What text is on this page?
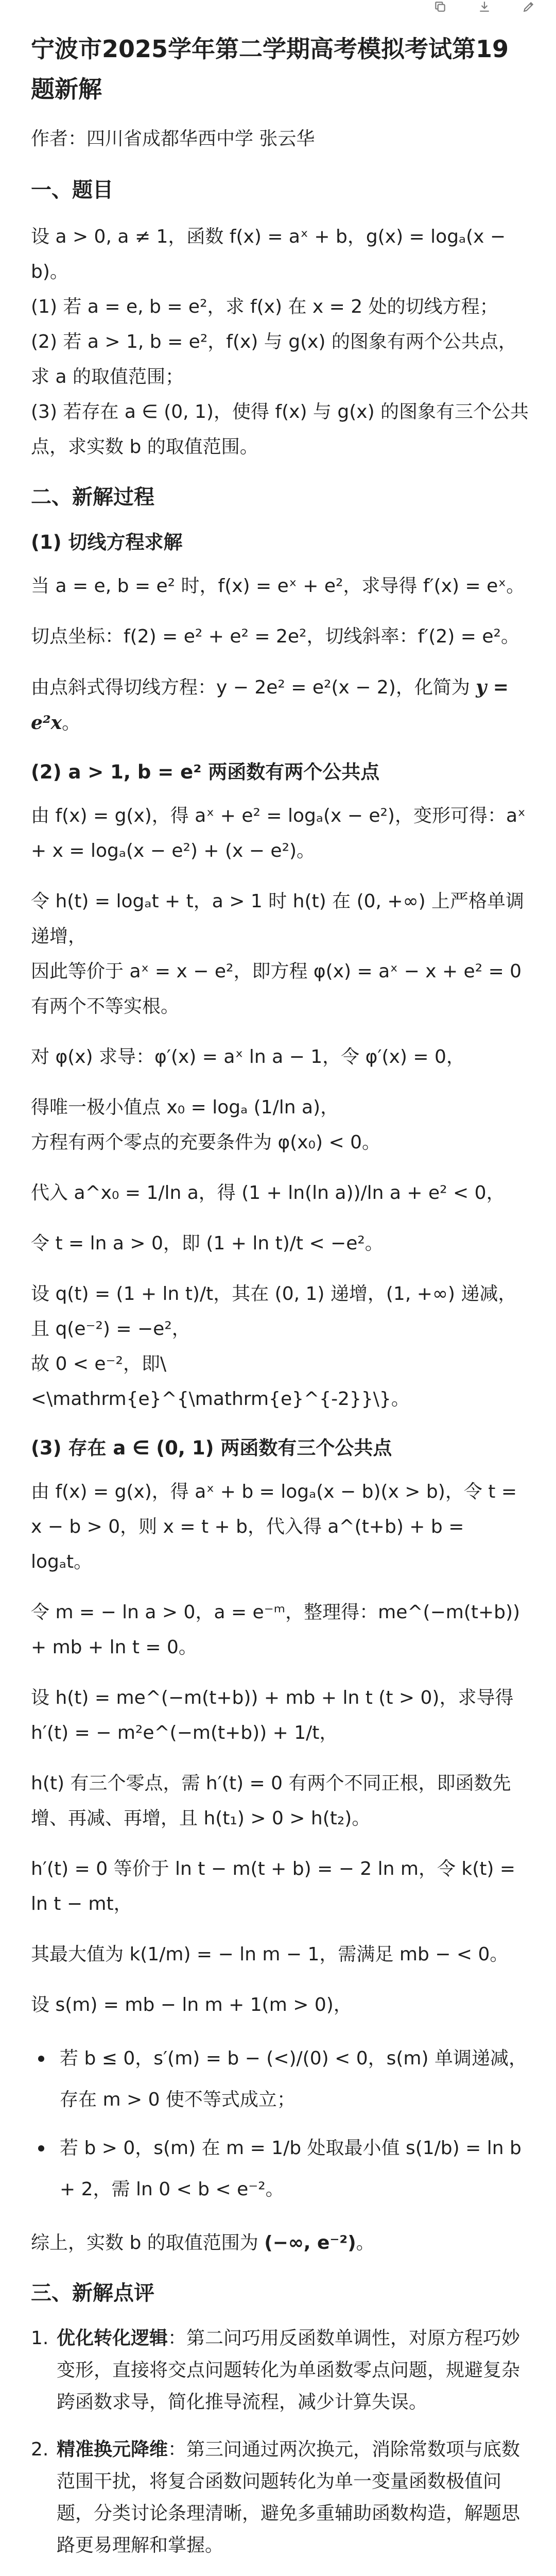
宁波市2025学年第二学期高考模拟考试第19题新解
作者：四川省成都华西中学 张云华
一、题目

设 a > 0, a ≠ 1，函数 f(x) = aˣ + b，g(x) = logₐ(x − b)。
(1) 若 a = e, b = e²，求 f(x) 在 x = 2 处的切线方程；
(2) 若 a > 1, b = e²，f(x) 与 g(x) 的图象有两个公共点，求 a 的取值范围；
(3) 若存在 a ∈ (0, 1)，使得 f(x) 与 g(x) 的图象有三个公共点，求实数 b 的取值范围。

二、新解过程
(1) 切线方程求解

当 a = e, b = e² 时，f(x) = eˣ + e²，求导得 f′(x) = eˣ。

切点坐标：f(2) = e² + e² = 2e²，切线斜率：f′(2) = e²。

由点斜式得切线方程：y − 2e² = e²(x − 2)，化简为 y = e²x。

(2) a > 1, b = e² 两函数有两个公共点

由 f(x) = g(x)，得 aˣ + e² = logₐ(x − e²)，变形可得：aˣ + x = logₐ(x − e²) + (x − e²)。

令 h(t) = logₐt + t，a > 1 时 h(t) 在 (0, +∞) 上严格单调递增，
因此等价于 aˣ = x − e²，即方程 φ(x) = aˣ − x + e² = 0 有两个不等实根。

对 φ(x) 求导：φ′(x) = aˣ ln a − 1，令 φ′(x) = 0，

得唯一极小值点 x₀ = logₐ (1/ln a)，
方程有两个零点的充要条件为 φ(x₀) < 0。

代入 a^x₀ = 1/ln a，得 (1 + ln(ln a))/ln a + e² < 0，

令 t = ln a > 0，即 (1 + ln t)/t < −e²。

设 q(t) = (1 + ln t)/t，其在 (0, 1) 递增，(1, +∞) 递减，且 q(e⁻²) = −e²，
故 0 < e⁻²，即\<\mathrm{e}^{\mathrm{e}^{-2}}\}。

(3) 存在 a ∈ (0, 1) 两函数有三个公共点

由 f(x) = g(x)，得 aˣ + b = logₐ(x − b)(x > b)，令 t = x − b > 0，则 x = t + b，代入得 a^(t+b) + b = logₐt。

令 m = − ln a > 0，a = e⁻ᵐ，整理得：me^(−m(t+b)) + mb + ln t = 0。

设 h(t) = me^(−m(t+b)) + mb + ln t (t > 0)，求导得 h′(t) = − m²e^(−m(t+b)) + 1/t，

h(t) 有三个零点，需 h′(t) = 0 有两个不同正根，即函数先增、再减、再增，且 h(t₁) > 0 > h(t₂)。

h′(t) = 0 等价于 ln t − m(t + b) = − 2 ln m，令 k(t) = ln t − mt，

其最大值为 k(1/m) = − ln m − 1，需满足 mb − < 0。

设 s(m) = mb − ln m + 1(m > 0)，

若 b ≤ 0，s′(m) = b − (<)/(0) < 0，s(m) 单调递减，存在 m > 0 使不等式成立；
若 b > 0，s(m) 在 m = 1/b 处取最小值 s(1/b) = ln b + 2，需 ln 0 < b < e⁻²。

综上，实数 b 的取值范围为 (−∞, e⁻²)。

三、新解点评
1. 优化转化逻辑：第二问巧用反函数单调性，对原方程巧妙变形，直接将交点问题转化为单函数零点问题，规避复杂跨函数求导，简化推导流程，减少计算失误。
2. 精准换元降维：第三问通过两次换元，消除常数项与底数范围干扰，将复合函数问题转化为单一变量函数极值问题，分类讨论条理清晰，避免多重辅助函数构造，解题思路更易理解和掌握。
